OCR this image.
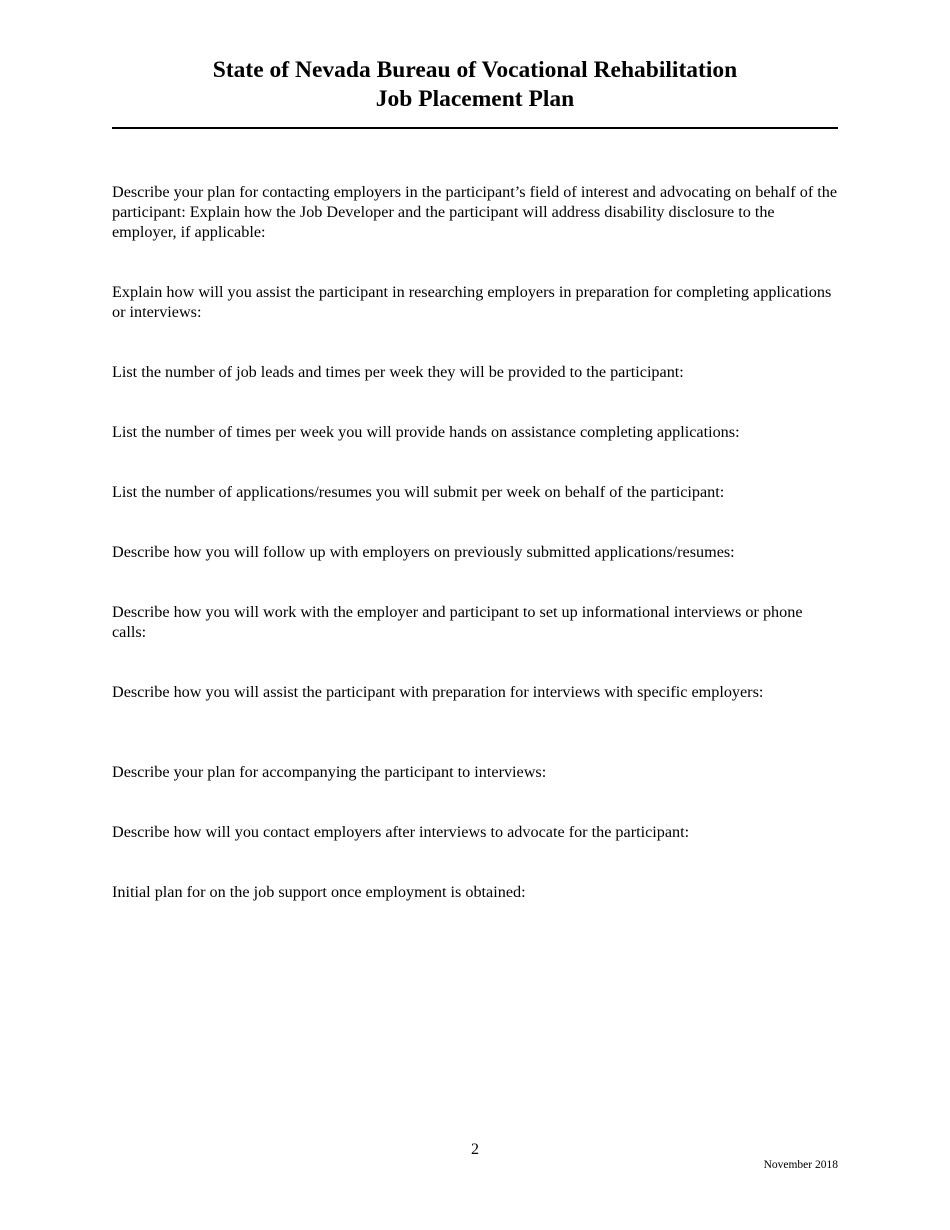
State of Nevada Bureau of Vocational Rehabilitation

Job Placement Plan

Describe your plan for contacting employers in the participant’s field of interest and advocating on behalf of the participant: Explain how the Job Developer and the participant will address disability disclosure to the employer, if applicable:

Explain how will you assist the participant in researching employers in preparation for completing applications or interviews:

List the number of job leads and times per week they will be provided to the participant:

List the number of times per week you will provide hands on assistance completing applications:

List the number of applications/resumes you will submit per week on behalf of the participant:

Describe how you will follow up with employers on previously submitted applications/resumes:

Describe how you will work with the employer and participant to set up informational interviews or phone calls:

Describe how you will assist the participant with preparation for interviews with specific employers:

Describe your plan for accompanying the participant to interviews:

Describe how will you contact employers after interviews to advocate for the participant:

Initial plan for on the job support once employment is obtained:

2
November 2018
